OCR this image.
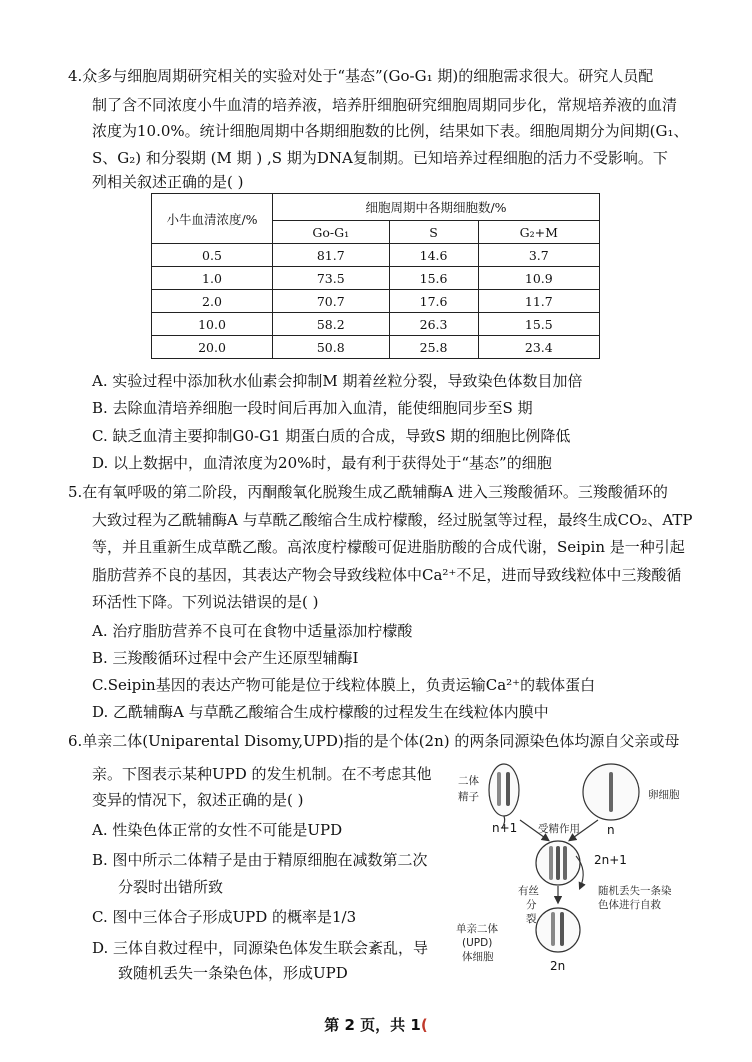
4.众多与细胞周期研究相关的实验对处于“基态”(Go-G₁ 期)的细胞需求很大。研究人员配
制了含不同浓度小牛血清的培养液，培养肝细胞研究细胞周期同步化，常规培养液的血清
浓度为10.0%。统计细胞周期中各期细胞数的比例，结果如下表。细胞周期分为间期(G₁、
S、G₂) 和分裂期 (M 期 ) ,S 期为DNA复制期。已知培养过程细胞的活力不受影响。下
列相关叙述正确的是( )
小牛血清浓度/%	细胞周期中各期细胞数/%		
	Go-G₁	S	G₂+M
0.5	81.7	14.6	3.7
1.0	73.5	15.6	10.9
2.0	70.7	17.6	11.7
10.0	58.2	26.3	15.5
20.0	50.8	25.8	23.4
A. 实验过程中添加秋水仙素会抑制M 期着丝粒分裂，导致染色体数目加倍
B. 去除血清培养细胞一段时间后再加入血清，能使细胞同步至S 期
C. 缺乏血清主要抑制G0-G1 期蛋白质的合成，导致S 期的细胞比例降低
D. 以上数据中，血清浓度为20%时，最有利于获得处于“基态”的细胞
5.在有氧呼吸的第二阶段，丙酮酸氧化脱羧生成乙酰辅酶A 进入三羧酸循环。三羧酸循环的
大致过程为乙酰辅酶A 与草酰乙酸缩合生成柠檬酸，经过脱氢等过程，最终生成CO₂、ATP
等，并且重新生成草酰乙酸。高浓度柠檬酸可促进脂肪酸的合成代谢，Seipin 是一种引起
脂肪营养不良的基因，其表达产物会导致线粒体中Ca²⁺不足，进而导致线粒体中三羧酸循
环活性下降。下列说法错误的是( )
A. 治疗脂肪营养不良可在食物中适量添加柠檬酸
B. 三羧酸循环过程中会产生还原型辅酶I
C.Seipin基因的表达产物可能是位于线粒体膜上，负责运输Ca²⁺的载体蛋白
D. 乙酰辅酶A 与草酰乙酸缩合生成柠檬酸的过程发生在线粒体内膜中
6.单亲二体(Uniparental Disomy,UPD)指的是个体(2n) 的两条同源染色体均源自父亲或母
亲。下图表示某种UPD 的发生机制。在不考虑其他
变异的情况下，叙述正确的是( )
A. 性染色体正常的女性不可能是UPD
B. 图中所示二体精子是由于精原细胞在减数第二次
分裂时出错所致
C. 图中三体合子形成UPD 的概率是1/3
D. 三体自救过程中，同源染色体发生联会紊乱，导
致随机丢失一条染色体，形成UPD
二体
精子
n+1
卵细胞
n
受精作用
2n+1
有丝
分
裂
随机丢失一条染
色体进行自救
单亲二体
(UPD)
体细胞
2n
第 2 页，共 1(
